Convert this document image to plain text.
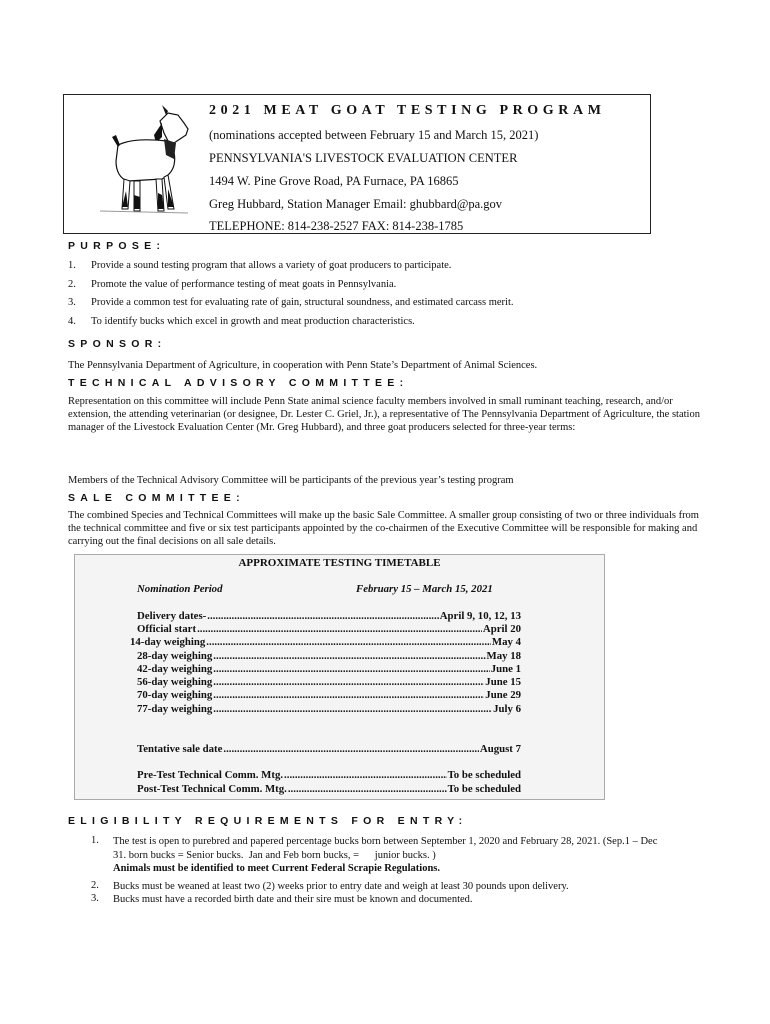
2021 MEAT GOAT TESTING PROGRAM
(nominations accepted between February 15 and March 15, 2021)
PENNSYLVANIA'S LIVESTOCK EVALUATION CENTER
1494 W. Pine Grove Road, PA Furnace, PA 16865
Greg Hubbard, Station Manager Email: ghubbard@pa.gov
TELEPHONE: 814-238-2527 FAX: 814-238-1785
PURPOSE:
1. Provide a sound testing program that allows a variety of goat producers to participate.
2. Promote the value of performance testing of meat goats in Pennsylvania.
3. Provide a common test for evaluating rate of gain, structural soundness, and estimated carcass merit.
4. To identify bucks which excel in growth and meat production characteristics.
SPONSOR:
The Pennsylvania Department of Agriculture, in cooperation with Penn State’s Department of Animal Sciences.
TECHNICAL ADVISORY COMMITTEE:
Representation on this committee will include Penn State animal science faculty members involved in small ruminant teaching, research, and/or extension, the attending veterinarian (or designee, Dr. Lester C. Griel, Jr.), a representative of The Pennsylvania Department of Agriculture, the station manager of the Livestock Evaluation Center (Mr. Greg Hubbard), and three goat producers selected for three-year terms:
Members of the Technical Advisory Committee will be participants of the previous year’s testing program
SALE COMMITTEE:
The combined Species and Technical Committees will make up the basic Sale Committee. A smaller group consisting of two or three individuals from the technical committee and five or six test participants appointed by the co-chairmen of the Executive Committee will be responsible for making and carrying out the final decisions on all sale details.
APPROXIMATE TESTING TIMETABLE
Nomination Period	February 15 – March 15, 2021
Delivery dates- .....	April 9, 10, 12, 13
Official start .....	April 20
14-day weighing .....	May 4
28-day weighing .....	May 18
42-day weighing .....	June 1
56-day weighing .....	June 15
70-day weighing .....	June 29
77-day weighing .....	July 6
Tentative sale date .....	August 7
Pre-Test Technical Comm. Mtg. .....	To be scheduled
Post-Test Technical Comm. Mtg. .....	To be scheduled
ELIGIBILITY REQUIREMENTS FOR ENTRY:
1. The test is open to purebred and papered percentage bucks born between September 1, 2020 and February 28, 2021. (Sep.1 – Dec
31. born bucks = Senior bucks.  Jan and Feb born bucks, =      junior bucks. )
Animals must be identified to meet Current Federal Scrapie Regulations.
2. Bucks must be weaned at least two (2) weeks prior to entry date and weigh at least 30 pounds upon delivery.
3. Bucks must have a recorded birth date and their sire must be known and documented.
